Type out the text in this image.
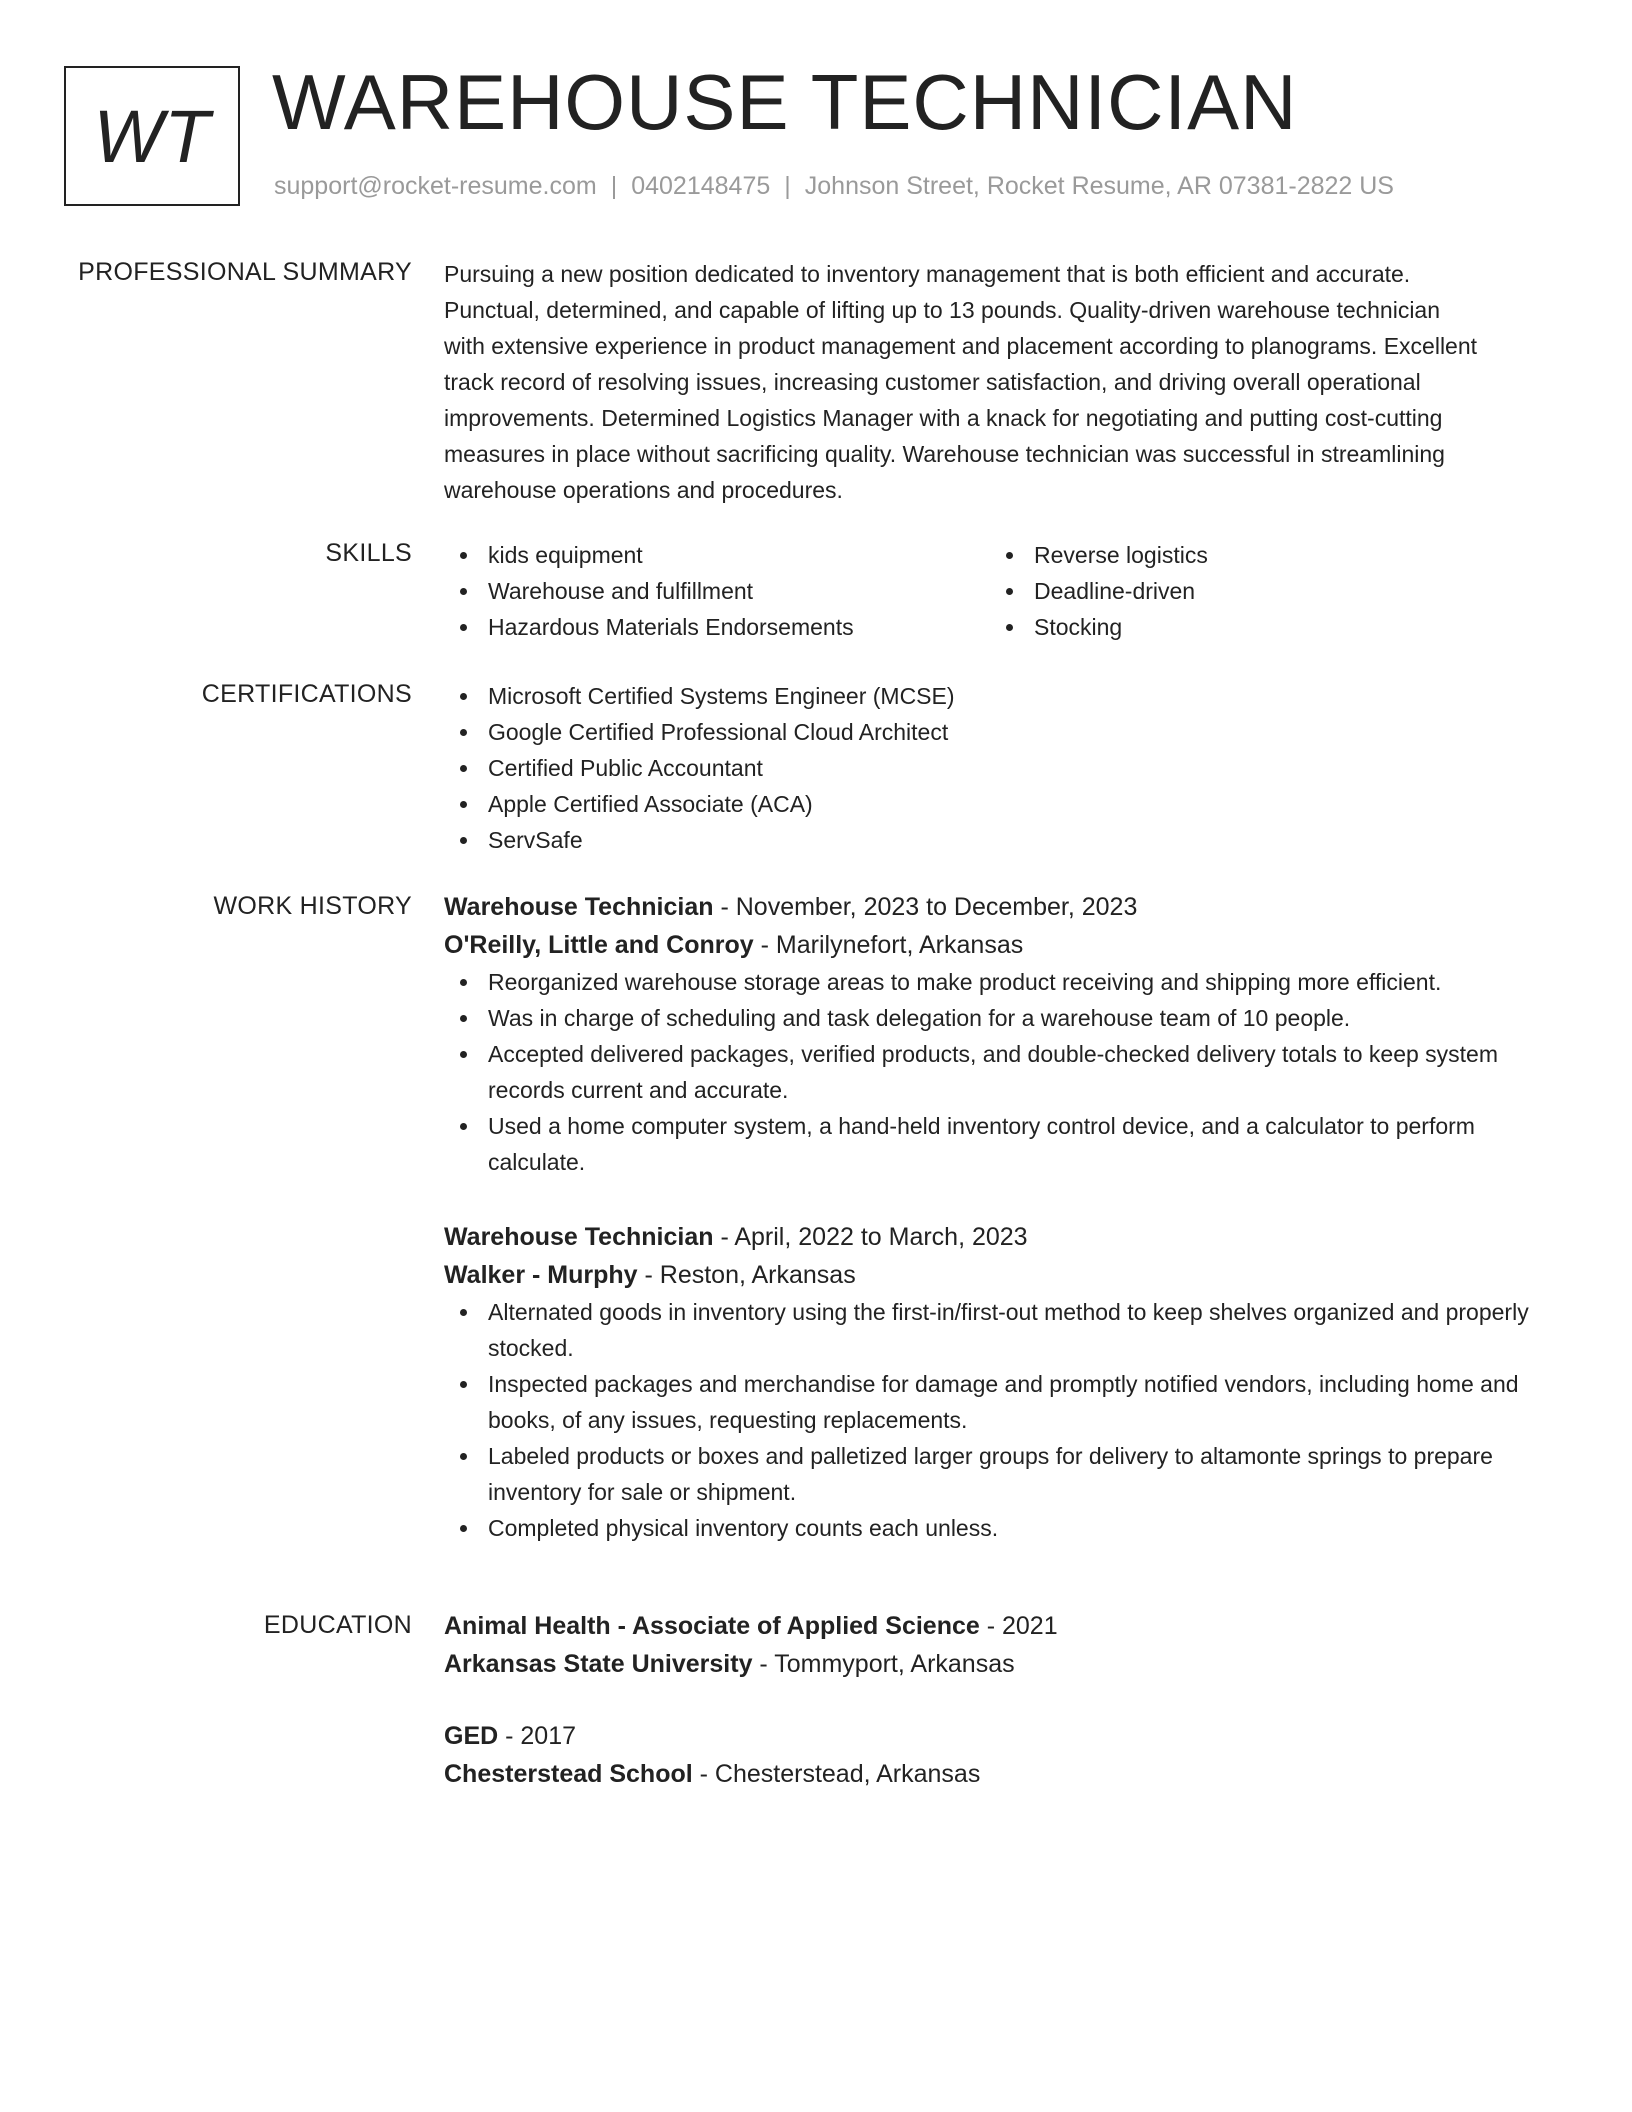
WT WAREHOUSE TECHNICIAN
support@rocket-resume.com | 0402148475 | Johnson Street, Rocket Resume, AR 07381-2822 US
PROFESSIONAL SUMMARY Pursuing a new position dedicated to inventory management that is both efficient and accurate.
Punctual, determined, and capable of lifting up to 13 pounds. Quality-driven warehouse technician
with extensive experience in product management and placement according to planograms. Excellent
track record of resolving issues, increasing customer satisfaction, and driving overall operational
improvements. Determined Logistics Manager with a knack for negotiating and putting cost-cutting
measures in place without sacrificing quality. Warehouse technician was successful in streamlining
warehouse operations and procedures.
SKILLS	kids equipment
Warehouse and fulfillment
Hazardous Materials Endorsements
Reverse logistics
Deadline-driven
Stocking
CERTIFICATIONS	Microsoft Certified Systems Engineer (MCSE)
Google Certified Professional Cloud Architect
Certified Public Accountant
Apple Certified Associate (ACA)
ServSafe
WORK HISTORY Warehouse Technician - November, 2023 to December, 2023
O'Reilly, Little and Conroy - Marilynefort, Arkansas
Reorganized warehouse storage areas to make product receiving and shipping more efficient.
Was in charge of scheduling and task delegation for a warehouse team of 10 people.
Accepted delivered packages, verified products, and double-checked delivery totals to keep system records current and accurate.
Used a home computer system, a hand-held inventory control device, and a calculator to perform calculate.
Warehouse Technician - April, 2022 to March, 2023
Walker - Murphy - Reston, Arkansas
Alternated goods in inventory using the first-in/first-out method to keep shelves organized and properly stocked.
Inspected packages and merchandise for damage and promptly notified vendors, including home and books, of any issues, requesting replacements.
Labeled products or boxes and palletized larger groups for delivery to altamonte springs to prepare inventory for sale or shipment.
Completed physical inventory counts each unless.
EDUCATION Animal Health - Associate of Applied Science - 2021
Arkansas State University - Tommyport, Arkansas
GED - 2017
Chesterstead School - Chesterstead, Arkansas
